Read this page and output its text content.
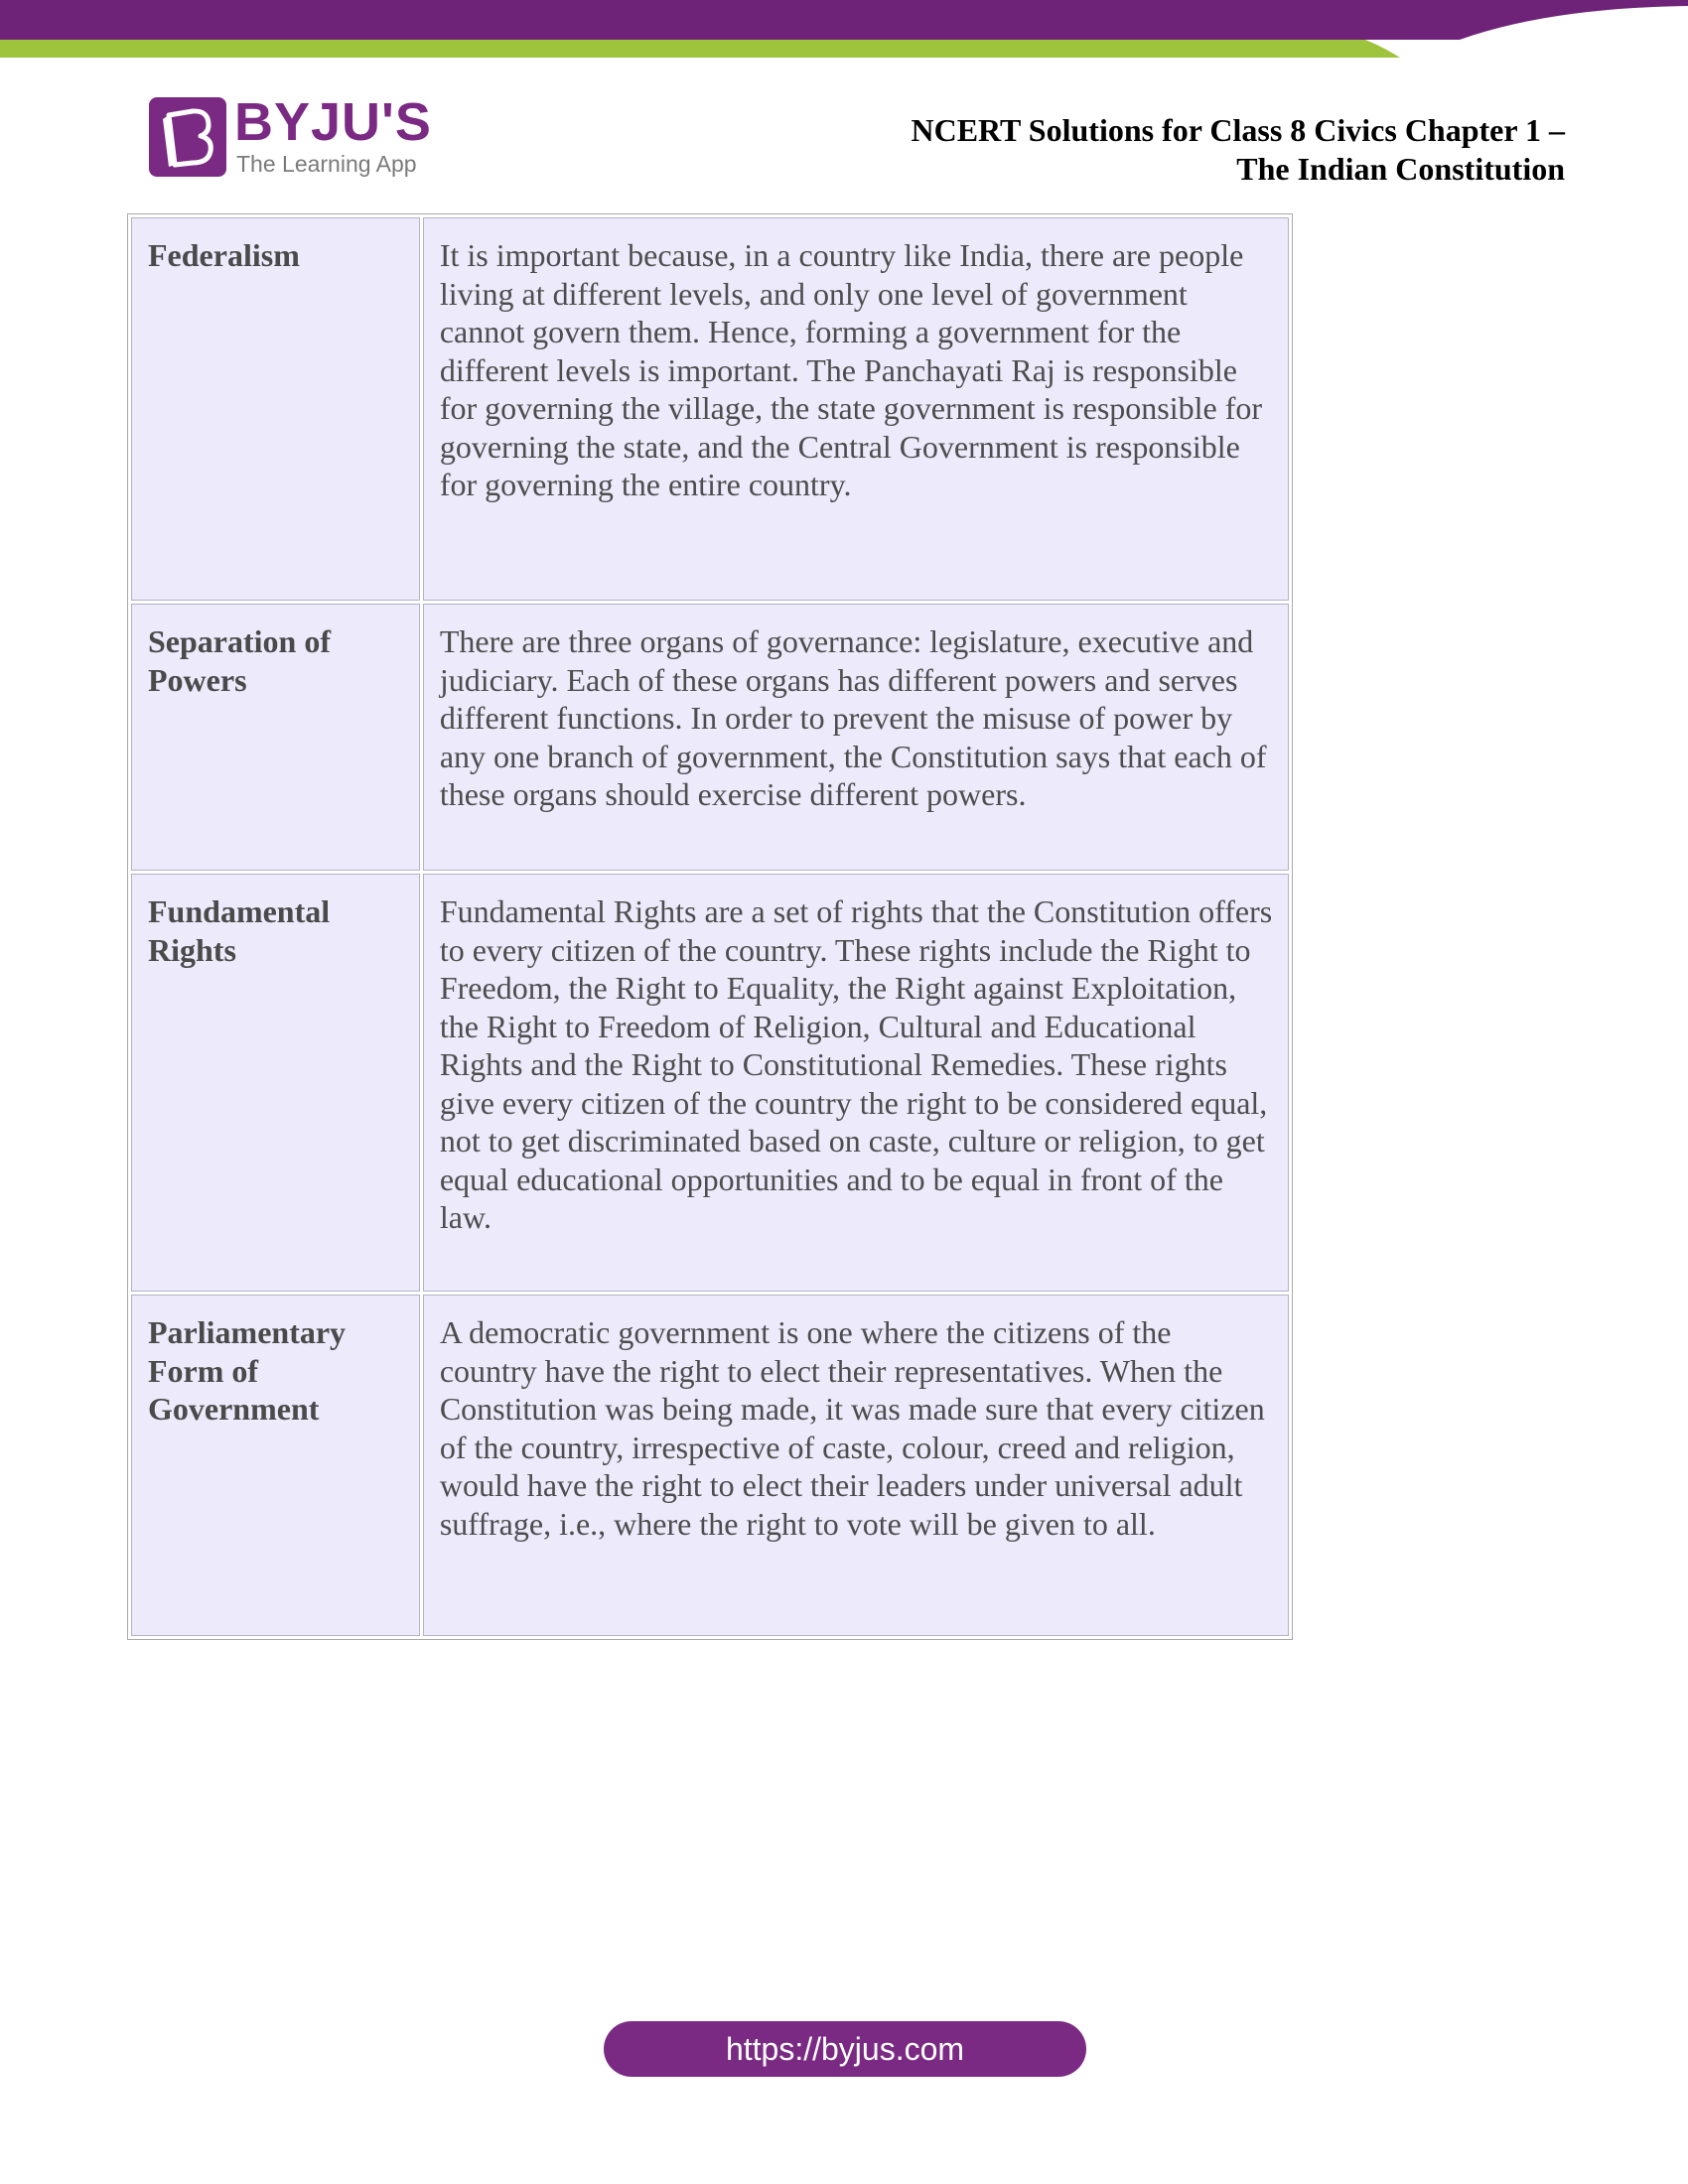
BYJU'S
The Learning App
NCERT Solutions for Class 8 Civics Chapter 1 –
The Indian Constitution
Federalism	It is important because, in a country like India, there are people living at different levels, and only one level of government cannot govern them. Hence, forming a government for the different levels is important. The Panchayati Raj is responsible for governing the village, the state government is responsible for governing the state, and the Central Government is responsible for governing the entire country.
Separation of Powers	There are three organs of governance: legislature, executive and judiciary. Each of these organs has different powers and serves different functions. In order to prevent the misuse of power by any one branch of government, the Constitution says that each of these organs should exercise different powers.
Fundamental Rights	Fundamental Rights are a set of rights that the Constitution offers to every citizen of the country. These rights include the Right to Freedom, the Right to Equality, the Right against Exploitation, the Right to Freedom of Religion, Cultural and Educational Rights and the Right to Constitutional Remedies. These rights give every citizen of the country the right to be considered equal, not to get discriminated based on caste, culture or religion, to get equal educational opportunities and to be equal in front of the law.
Parliamentary Form of Government	A democratic government is one where the citizens of the country have the right to elect their representatives. When the Constitution was being made, it was made sure that every citizen of the country, irrespective of caste, colour, creed and religion, would have the right to elect their leaders under universal adult suffrage, i.e., where the right to vote will be given to all.
https://byjus.com
